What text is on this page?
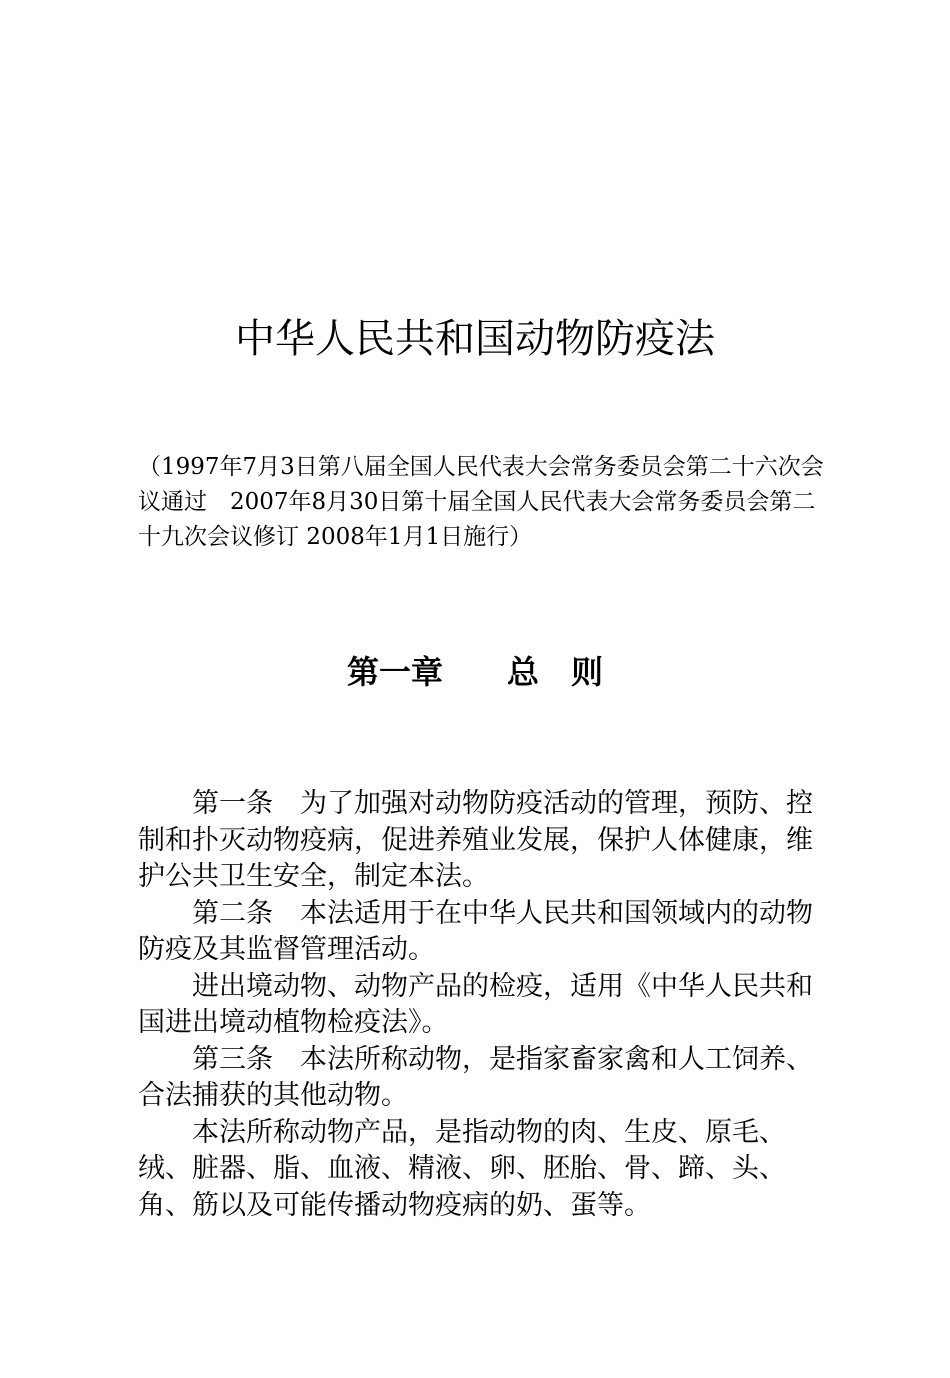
中华人民共和国动物防疫法

（1997年7月3日第八届全国人民代表大会常务委员会第二十六次会议通过　2007年8月30日第十届全国人民代表大会常务委员会第二十九次会议修订 2008年1月1日施行）

第一章　　总　则

第一条　为了加强对动物防疫活动的管理，预防、控制和扑灭动物疫病，促进养殖业发展，保护人体健康，维护公共卫生安全，制定本法。

第二条　本法适用于在中华人民共和国领域内的动物防疫及其监督管理活动。

进出境动物、动物产品的检疫，适用《中华人民共和国进出境动植物检疫法》。

第三条　本法所称动物，是指家畜家禽和人工饲养、合法捕获的其他动物。

本法所称动物产品，是指动物的肉、生皮、原毛、绒、脏器、脂、血液、精液、卵、胚胎、骨、蹄、头、角、筋以及可能传播动物疫病的奶、蛋等。
